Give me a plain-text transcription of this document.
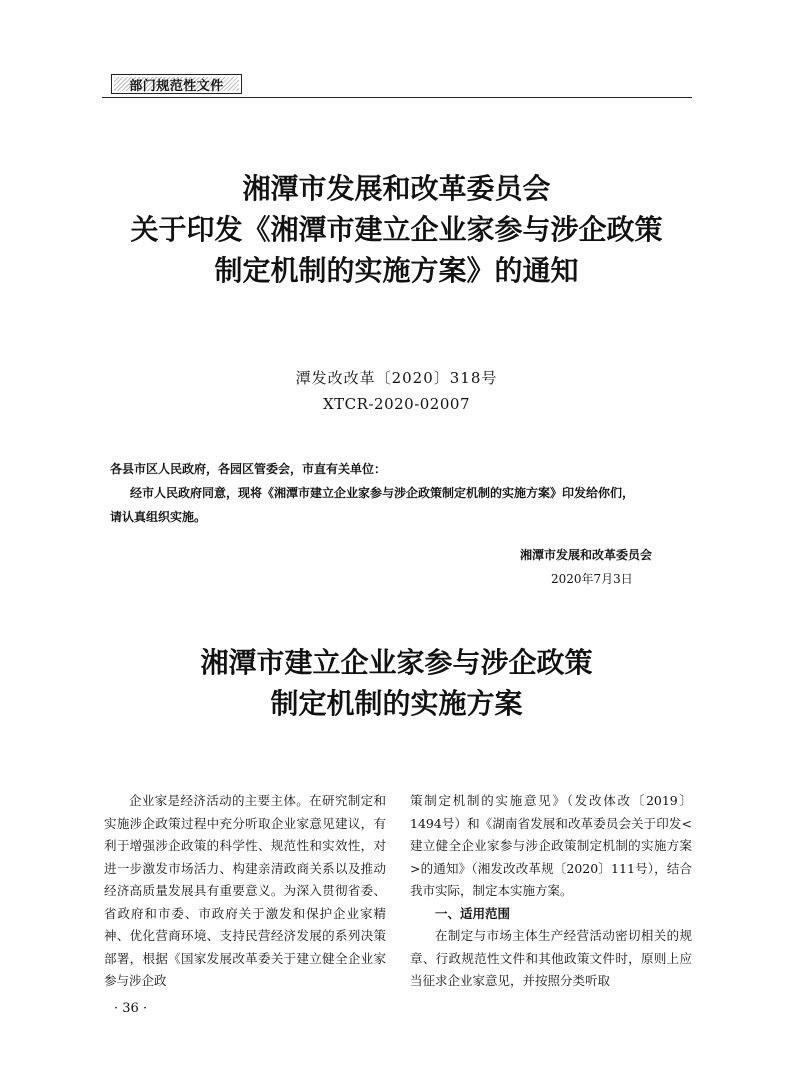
部门规范性文件
湘潭市发展和改革委员会
关于印发《湘潭市建立企业家参与涉企政策
制定机制的实施方案》的通知
潭发改改革〔2020〕318号
XTCR-2020-02007
各县市区人民政府，各园区管委会，市直有关单位：
经市人民政府同意，现将《湘潭市建立企业家参与涉企政策制定机制的实施方案》印发给你们，
请认真组织实施。
湘潭市发展和改革委员会
2020年7月3日
湘潭市建立企业家参与涉企政策
制定机制的实施方案

企业家是经济活动的主要主体。在研究制定和实施涉企政策过程中充分听取企业家意见建议，有利于增强涉企政策的科学性、规范性和实效性，对进一步激发市场活力、构建亲清政商关系以及推动经济高质量发展具有重要意义。为深入贯彻省委、省政府和市委、市政府关于激发和保护企业家精神、优化营商环境、支持民营经济发展的系列决策部署，根据《国家发展改革委关于建立健全企业家参与涉企政

策制定机制的实施意见》（发改体改〔2019〕1494号）和《湖南省发展和改革委员会关于印发<建立健全企业家参与涉企政策制定机制的实施方案>的通知》（湘发改改革规〔2020〕111号），结合我市实际，制定本实施方案。

一、适用范围

在制定与市场主体生产经营活动密切相关的规章、行政规范性文件和其他政策文件时，原则上应当征求企业家意见，并按照分类听取

· 36 ·
